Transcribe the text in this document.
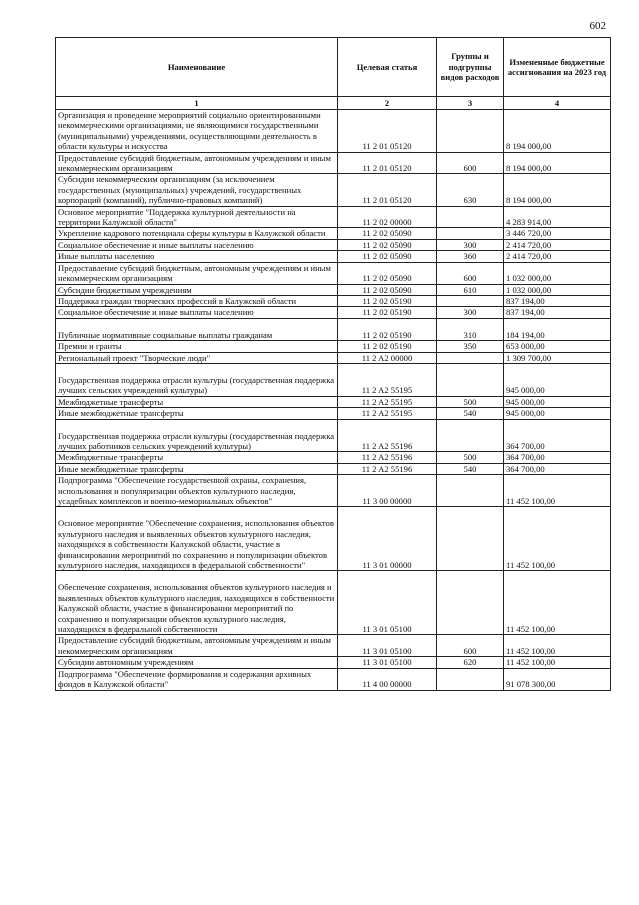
602
Наименование	Целевая статья	Группы и подгруппы видов расходов	Измененные бюджетные ассигнования на 2023 год
1	2	3	4
Организация и проведение мероприятий социально ориентированными некоммерческими организациями, не являющимися государственными (муниципальными) учреждениями, осуществляющими деятельность в области культуры и искусства	11 2 01 05120		8 194 000,00
Предоставление субсидий бюджетным, автономным учреждениям и иным некоммерческим организациям	11 2 01 05120	600	8 194 000,00
Субсидии некоммерческим организациям (за исключением государственных (муниципальных) учреждений, государственных корпораций (компаний), публично-правовых компаний)	11 2 01 05120	630	8 194 000,00
Основное мероприятие "Поддержка культурной деятельности на территории Калужской области"	11 2 02 00000		4 283 914,00
Укрепление кадрового потенциала сферы культуры в Калужской области	11 2 02 05090		3 446 720,00
Социальное обеспечение и иные выплаты населению	11 2 02 05090	300	2 414 720,00
Иные выплаты населению	11 2 02 05090	360	2 414 720,00
Предоставление субсидий бюджетным, автономным учреждениям и иным некоммерческим организациям	11 2 02 05090	600	1 032 000,00
Субсидии бюджетным учреждениям	11 2 02 05090	610	1 032 000,00
Поддержка граждан творческих профессий в Калужской области	11 2 02 05190		837 194,00
Социальное обеспечение и иные выплаты населению	11 2 02 05190	300	837 194,00
Публичные нормативные социальные выплаты гражданам	11 2 02 05190	310	184 194,00
Премии и гранты	11 2 02 05190	350	653 000,00
Региональный проект "Творческие люди"	11 2 A2 00000		1 309 700,00
Государственная поддержка отрасли культуры (государственная поддержка лучших сельских учреждений культуры)	11 2 A2 55195		945 000,00
Межбюджетные трансферты	11 2 A2 55195	500	945 000,00
Иные межбюджетные трансферты	11 2 A2 55195	540	945 000,00
Государственная поддержка отрасли культуры (государственная поддержка лучших работников сельских учреждений культуры)	11 2 A2 55196		364 700,00
Межбюджетные трансферты	11 2 A2 55196	500	364 700,00
Иные межбюджетные трансферты	11 2 A2 55196	540	364 700,00
Подпрограмма "Обеспечение государственной охраны, сохранения, использования и популяризации объектов культурного наследия, усадебных комплексов и военно-мемориальных объектов"	11 3 00 00000		11 452 100,00
Основное мероприятие "Обеспечение сохранения, использования объектов культурного наследия и выявленных объектов культурного наследия, находящихся в собственности Калужской области, участие в финансировании мероприятий по сохранению и популяризации объектов культурного наследия, находящихся в федеральной собственности"	11 3 01 00000		11 452 100,00
Обеспечение сохранения, использования объектов культурного наследия и выявленных объектов культурного наследия, находящихся в собственности Калужской области, участие в финансировании мероприятий по сохранению и популяризации объектов культурного наследия, находящихся в федеральной собственности	11 3 01 05100		11 452 100,00
Предоставление субсидий бюджетным, автономным учреждениям и иным некоммерческим организациям	11 3 01 05100	600	11 452 100,00
Субсидии автономным учреждениям	11 3 01 05100	620	11 452 100,00
Подпрограмма "Обеспечение формирования и содержания архивных фондов в Калужской области"	11 4 00 00000		91 078 300,00
